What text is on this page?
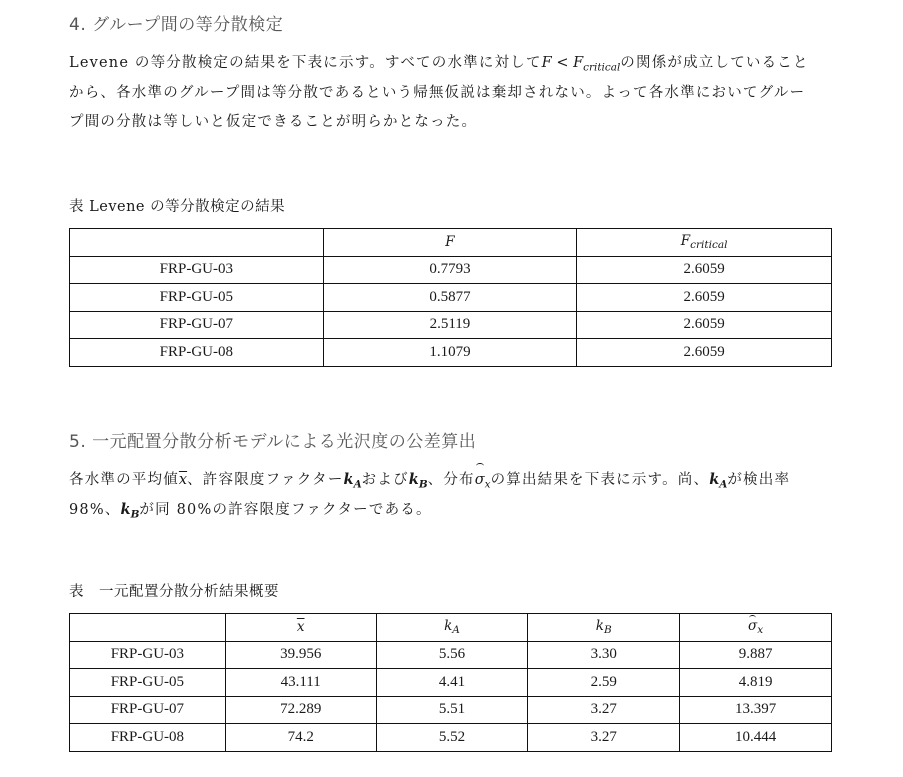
4. グループ間の等分散検定
Levene の等分散検定の結果を下表に示す。すべての水準に対して$F < F_{critical}$の関係が成立していること
から、各水準のグループ間は等分散であるという帰無仮説は棄却されない。よって各水準においてグルー
プ間の分散は等しいと仮定できることが明らかとなった。
表 Levene の等分散検定の結果
	F	$F_{critical}$
FRP-GU-03	0.7793	2.6059
FRP-GU-05	0.5877	2.6059
FRP-GU-07	2.5119	2.6059
FRP-GU-08	1.1079	2.6059
5. 一元配置分散分析モデルによる光沢度の公差算出
各水準の平均値$\overline{x}$、許容限度ファクター$k_A$および$k_B$、分布$\sigma_x$の算出結果を下表に示す。尚、$k_A$が検出率
98%、$k_B$が同 80%の許容限度ファクターである。
表　一元配置分散分析結果概要
	$\overline{x}$	$k_A$	$k_B$	$\sigma_x$
FRP-GU-03	39.956	5.56	3.30	9.887
FRP-GU-05	43.111	4.41	2.59	4.819
FRP-GU-07	72.289	5.51	3.27	13.397
FRP-GU-08	74.2	5.52	3.27	10.444
